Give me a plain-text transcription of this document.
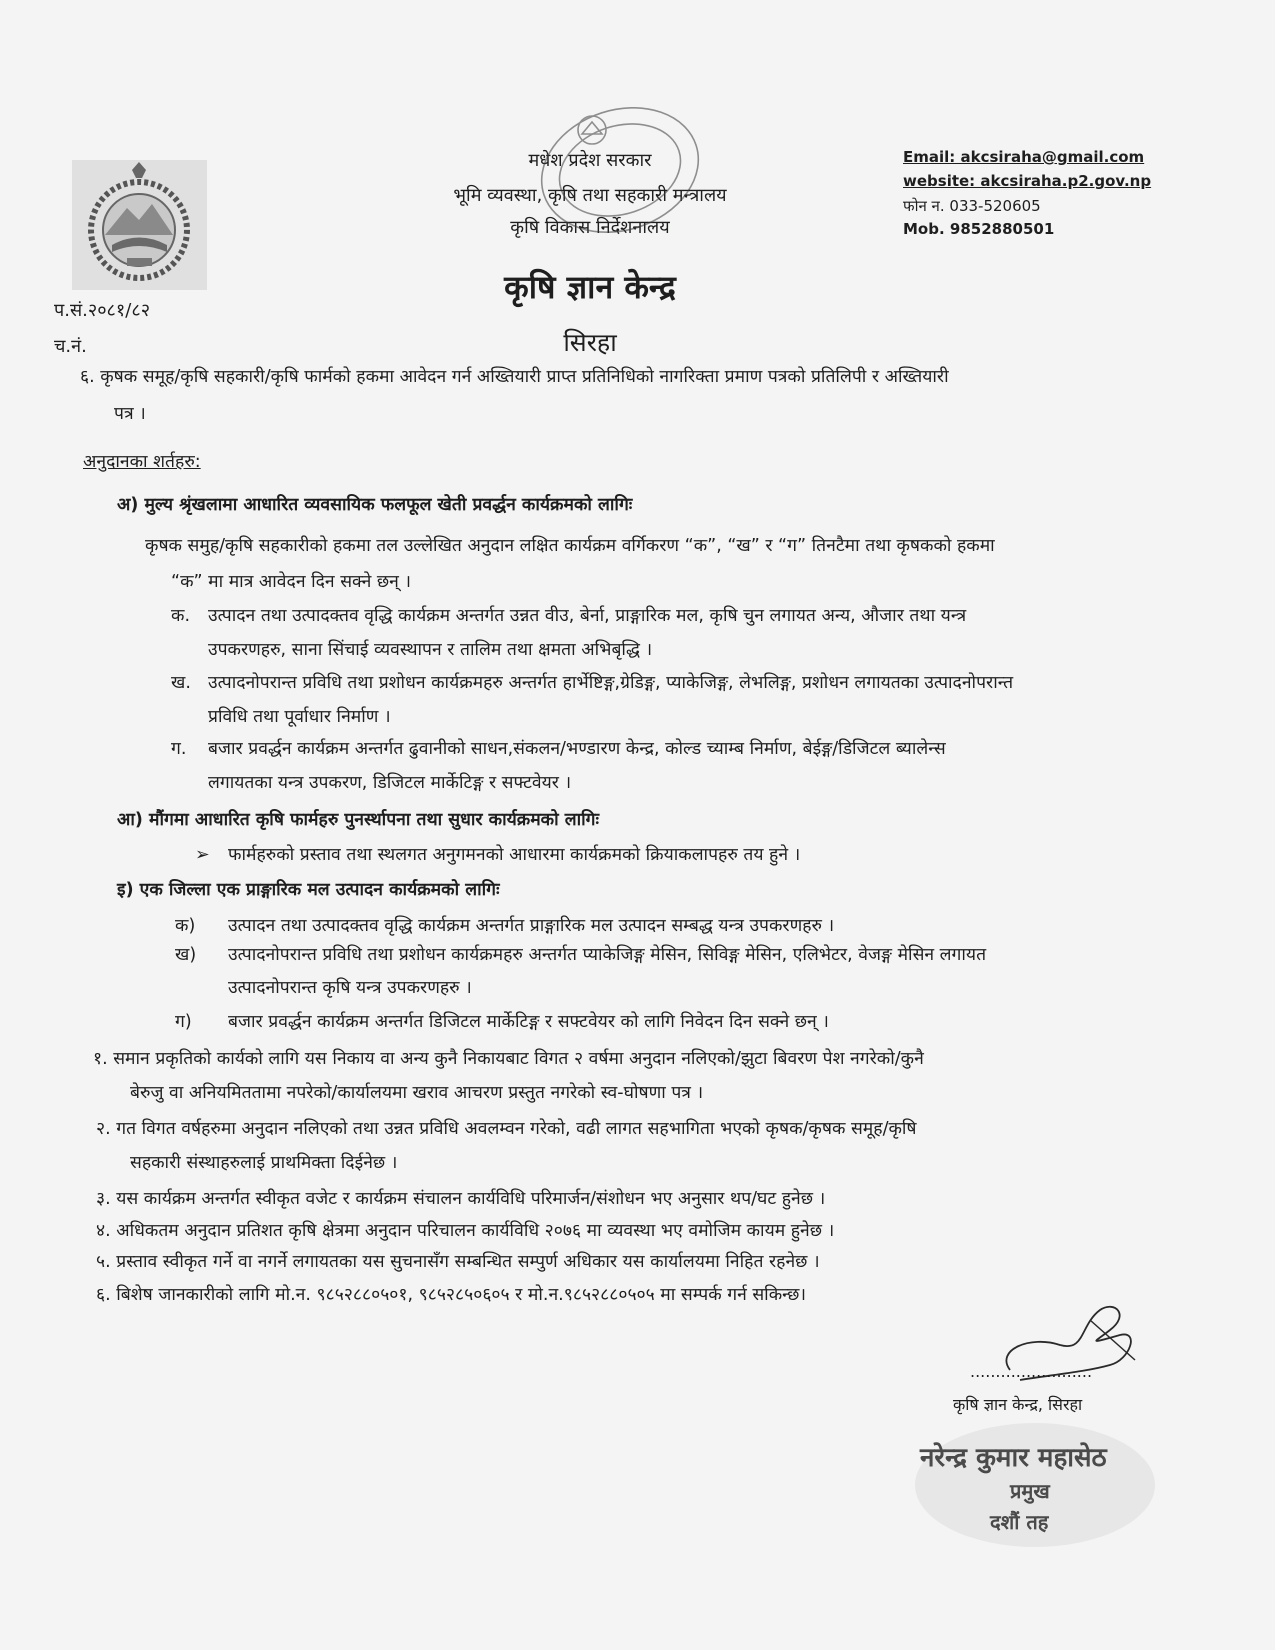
मधेश प्रदेश सरकार
भूमि व्यवस्था, कृषि तथा सहकारी मन्त्रालय
कृषि विकास निर्देशनालय
कृषि ज्ञान केन्द्र
सिरहा
Email: akcsiraha@gmail.com
website: akcsiraha.p2.gov.np
फोन न. 033-520605
Mob. 9852880501
प.सं.२०८१/८२
च.नं.
६. कृषक समूह/कृषि सहकारी/कृषि फार्मको हकमा आवेदन गर्न अख्तियारी प्राप्त प्रतिनिधिको नागरिक्ता प्रमाण पत्रको प्रतिलिपी र अख्तियारी
पत्र ।
अनुदानका शर्तहरु:
अ) मुल्य श्रृंखलामा आधारित व्यवसायिक फलफूल खेती प्रवर्द्धन कार्यक्रमको लागिः
कृषक समुह/कृषि सहकारीको हकमा तल उल्लेखित अनुदान लक्षित कार्यक्रम वर्गिकरण “क”, “ख” र “ग” तिनटैमा तथा कृषकको हकमा
“क” मा मात्र आवेदन दिन सक्ने छन् ।
क. उत्पादन तथा उत्पादक्तव वृद्धि कार्यक्रम अन्तर्गत उन्नत वीउ, बेर्ना, प्राङ्गारिक मल, कृषि चुन लगायत अन्य, औजार तथा यन्त्र
उपकरणहरु, साना सिंचाई व्यवस्थापन र तालिम तथा क्षमता अभिबृद्धि ।
ख. उत्पादनोपरान्त प्रविधि तथा प्रशोधन कार्यक्रमहरु अन्तर्गत हार्भेष्टिङ्ग,ग्रेडिङ्ग, प्याकेजिङ्ग, लेभलिङ्ग, प्रशोधन लगायतका उत्पादनोपरान्त
प्रविधि तथा पूर्वाधार निर्माण ।
ग. बजार प्रवर्द्धन कार्यक्रम अन्तर्गत ढुवानीको साधन,संकलन/भण्डारण केन्द्र, कोल्ड च्याम्ब निर्माण, बेईङ्ग/डिजिटल ब्यालेन्स
लगायतका यन्त्र उपकरण, डिजिटल मार्केटिङ्ग र सफ्टवेयर ।
आ) मौंगमा आधारित कृषि फार्महरु पुनर्स्थापना तथा सुधार कार्यक्रमको लागिः
➢ फार्महरुको प्रस्ताव तथा स्थलगत अनुगमनको आधारमा कार्यक्रमको क्रियाकलापहरु तय हुने ।
इ) एक जिल्ला एक प्राङ्गारिक मल उत्पादन कार्यक्रमको लागिः
क) उत्पादन तथा उत्पादक्तव वृद्धि कार्यक्रम अन्तर्गत प्राङ्गारिक मल उत्पादन सम्बद्ध यन्त्र उपकरणहरु ।
ख) उत्पादनोपरान्त प्रविधि तथा प्रशोधन कार्यक्रमहरु अन्तर्गत प्याकेजिङ्ग मेसिन, सिविङ्ग मेसिन, एलिभेटर, वेजङ्ग मेसिन लगायत
उत्पादनोपरान्त कृषि यन्त्र उपकरणहरु ।
ग) बजार प्रवर्द्धन कार्यक्रम अन्तर्गत डिजिटल मार्केटिङ्ग र सफ्टवेयर को लागि निवेदन दिन सक्ने छन् ।
१. समान प्रकृतिको कार्यको लागि यस निकाय वा अन्य कुनै निकायबाट विगत २ वर्षमा अनुदान नलिएको/झुटा बिवरण पेश नगरेको/कुनै
बेरुजु वा अनियमिततामा नपरेको/कार्यालयमा खराव आचरण प्रस्तुत नगरेको स्व-घोषणा पत्र ।
२. गत विगत वर्षहरुमा अनुदान नलिएको तथा उन्नत प्रविधि अवलम्वन गरेको, वढी लागत सहभागिता भएको कृषक/कृषक समूह/कृषि
सहकारी संस्थाहरुलाई प्राथमिक्ता दिईनेछ ।
३. यस कार्यक्रम अन्तर्गत स्वीकृत वजेट र कार्यक्रम संचालन कार्यविधि परिमार्जन/संशोधन भए अनुसार थप/घट हुनेछ ।
४. अधिकतम अनुदान प्रतिशत कृषि क्षेत्रमा अनुदान परिचालन कार्यविधि २०७६ मा व्यवस्था भए वमोजिम कायम हुनेछ ।
५. प्रस्ताव स्वीकृत गर्ने वा नगर्ने लगायतका यस सुचनासँग सम्बन्धित सम्पुर्ण अधिकार यस कार्यालयमा निहित रहनेछ ।
६. बिशेष जानकारीको लागि मो.न. ९८५२८८०५०१, ९८५२८५०६०५ र मो.न.९८५२८८०५०५ मा सम्पर्क गर्न सकिन्छ।
........................
कृषि ज्ञान केन्द्र, सिरहा
नरेन्द्र कुमार महासेठ
प्रमुख
दशौं तह
